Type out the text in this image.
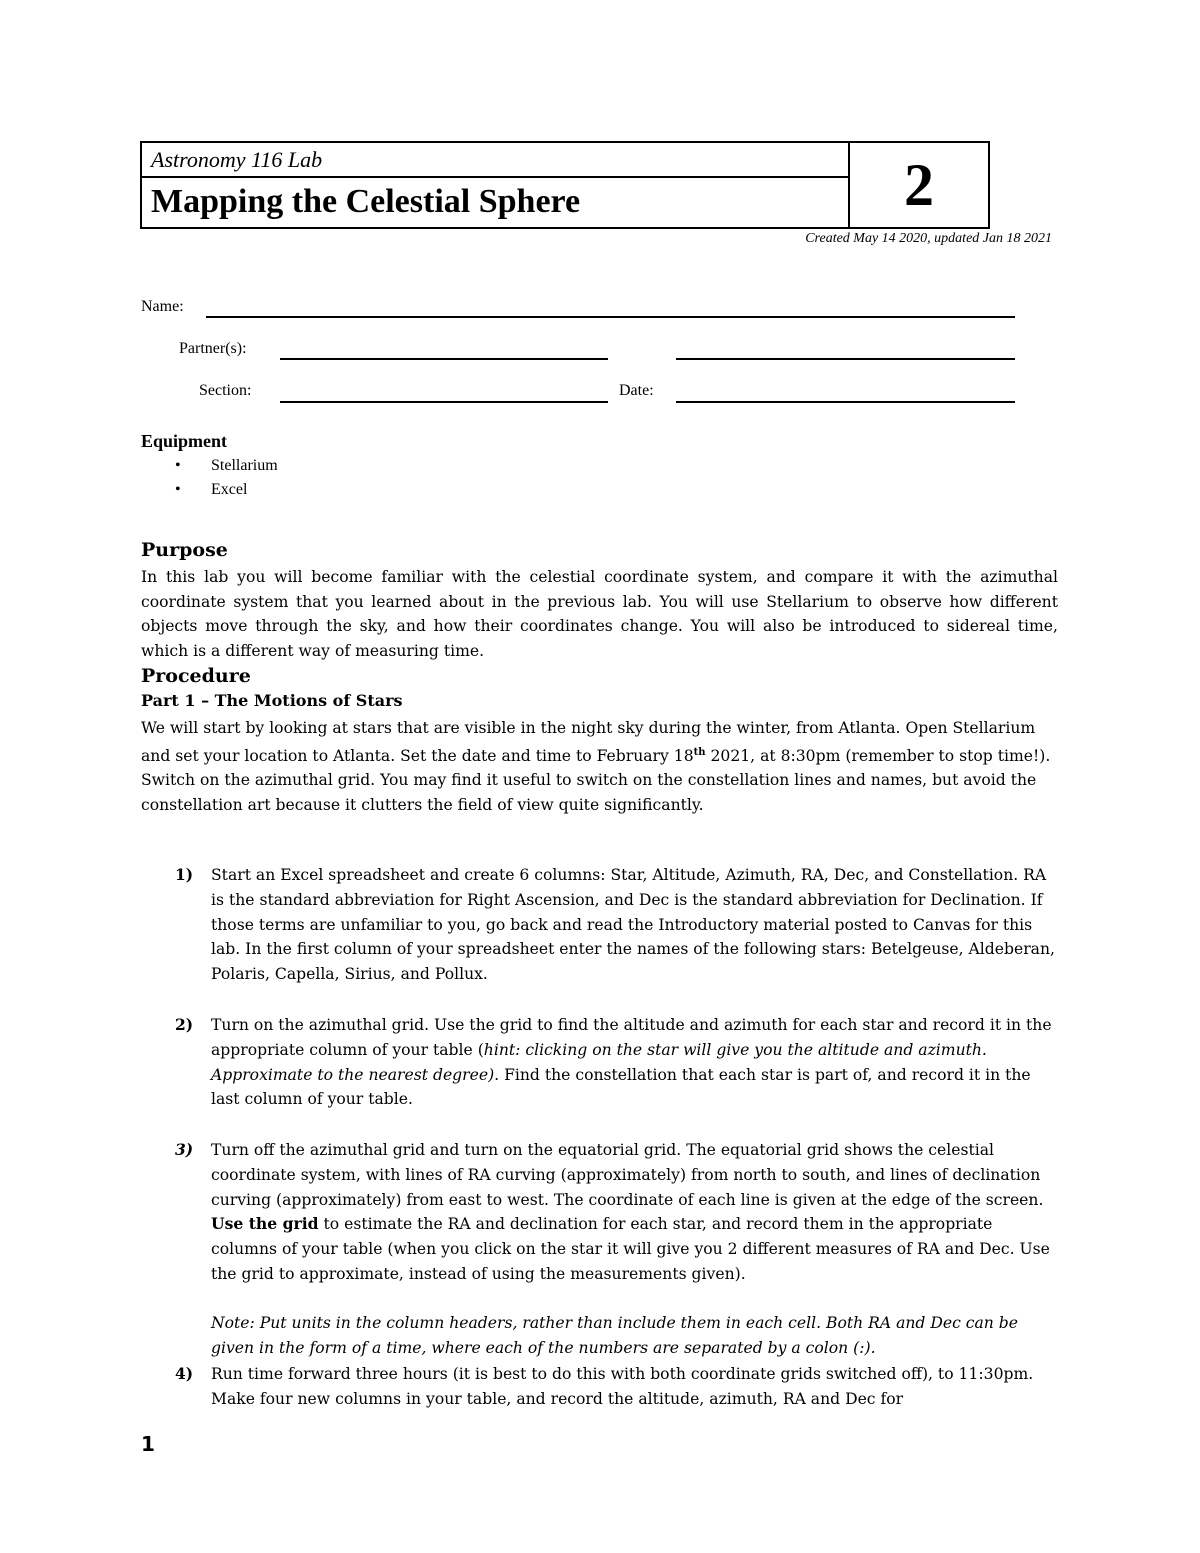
Astronomy 116 Lab
Mapping the Celestial Sphere	2
Created May 14 2020, updated Jan 18 2021
Name:
Partner(s):
Section:	Date:
Equipment
• Stellarium
• Excel
Purpose
In this lab you will become familiar with the celestial coordinate system, and compare it with the azimuthal coordinate system that you learned about in the previous lab. You will use Stellarium to observe how different objects move through the sky, and how their coordinates change. You will also be introduced to sidereal time, which is a different way of measuring time.
Procedure
Part 1 – The Motions of Stars
We will start by looking at stars that are visible in the night sky during the winter, from Atlanta. Open Stellarium and set your location to Atlanta. Set the date and time to February 18th 2021, at 8:30pm (remember to stop time!). Switch on the azimuthal grid. You may find it useful to switch on the constellation lines and names, but avoid the constellation art because it clutters the field of view quite significantly.
1) Start an Excel spreadsheet and create 6 columns: Star, Altitude, Azimuth, RA, Dec, and Constellation. RA is the standard abbreviation for Right Ascension, and Dec is the standard abbreviation for Declination. If those terms are unfamiliar to you, go back and read the Introductory material posted to Canvas for this lab. In the first column of your spreadsheet enter the names of the following stars: Betelgeuse, Aldeberan, Polaris, Capella, Sirius, and Pollux.
2) Turn on the azimuthal grid. Use the grid to find the altitude and azimuth for each star and record it in the appropriate column of your table (hint: clicking on the star will give you the altitude and azimuth. Approximate to the nearest degree). Find the constellation that each star is part of, and record it in the last column of your table.
3) Turn off the azimuthal grid and turn on the equatorial grid. The equatorial grid shows the celestial coordinate system, with lines of RA curving (approximately) from north to south, and lines of declination curving (approximately) from east to west. The coordinate of each line is given at the edge of the screen. Use the grid to estimate the RA and declination for each star, and record them in the appropriate columns of your table (when you click on the star it will give you 2 different measures of RA and Dec. Use the grid to approximate, instead of using the measurements given).
Note: Put units in the column headers, rather than include them in each cell. Both RA and Dec can be given in the form of a time, where each of the numbers are separated by a colon (:).
4) Run time forward three hours (it is best to do this with both coordinate grids switched off), to 11:30pm. Make four new columns in your table, and record the altitude, azimuth, RA and Dec for
1
